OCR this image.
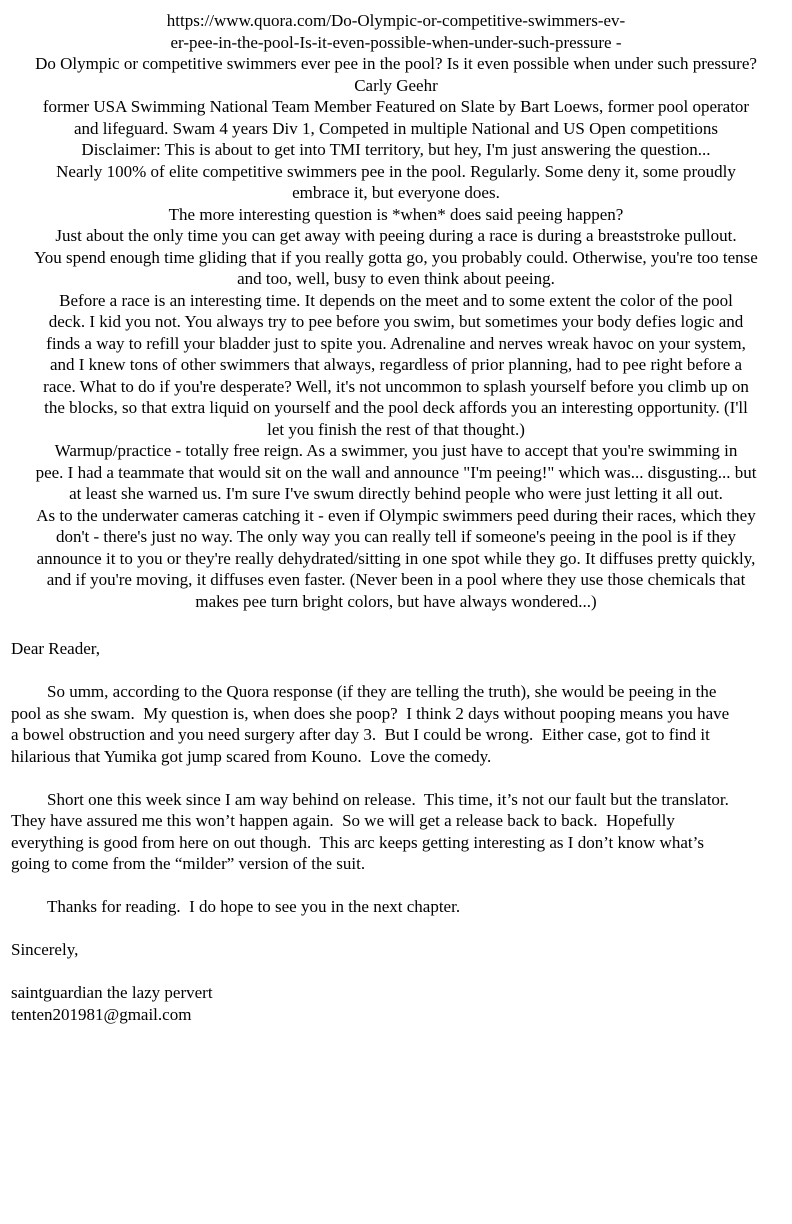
https://www.quora.com/Do-Olympic-or-competitive-swimmers-ev-
er-pee-in-the-pool-Is-it-even-possible-when-under-such-pressure -
Do Olympic or competitive swimmers ever pee in the pool? Is it even possible when under such pressure?
Carly Geehr
former USA Swimming National Team Member Featured on Slate by Bart Loews, former pool operator
and lifeguard. Swam 4 years Div 1, Competed in multiple National and US Open competitions
Disclaimer: This is about to get into TMI territory, but hey, I'm just answering the question...
Nearly 100% of elite competitive swimmers pee in the pool. Regularly. Some deny it, some proudly
embrace it, but everyone does.
The more interesting question is *when* does said peeing happen?
Just about the only time you can get away with peeing during a race is during a breaststroke pullout.
You spend enough time gliding that if you really gotta go, you probably could. Otherwise, you're too tense
and too, well, busy to even think about peeing.
Before a race is an interesting time. It depends on the meet and to some extent the color of the pool
deck. I kid you not. You always try to pee before you swim, but sometimes your body defies logic and
finds a way to refill your bladder just to spite you. Adrenaline and nerves wreak havoc on your system,
and I knew tons of other swimmers that always, regardless of prior planning, had to pee right before a
race. What to do if you're desperate? Well, it's not uncommon to splash yourself before you climb up on
the blocks, so that extra liquid on yourself and the pool deck affords you an interesting opportunity. (I'll
let you finish the rest of that thought.)
Warmup/practice - totally free reign. As a swimmer, you just have to accept that you're swimming in
pee. I had a teammate that would sit on the wall and announce "I'm peeing!" which was... disgusting... but
at least she warned us. I'm sure I've swum directly behind people who were just letting it all out.
As to the underwater cameras catching it - even if Olympic swimmers peed during their races, which they
don't - there's just no way. The only way you can really tell if someone's peeing in the pool is if they
announce it to you or they're really dehydrated/sitting in one spot while they go. It diffuses pretty quickly,
and if you're moving, it diffuses even faster. (Never been in a pool where they use those chemicals that
makes pee turn bright colors, but have always wondered...)
Dear Reader,
So umm, according to the Quora response (if they are telling the truth), she would be peeing in the
pool as she swam.  My question is, when does she poop?  I think 2 days without pooping means you have
a bowel obstruction and you need surgery after day 3.  But I could be wrong.  Either case, got to find it
hilarious that Yumika got jump scared from Kouno.  Love the comedy.
Short one this week since I am way behind on release.  This time, it’s not our fault but the translator.
They have assured me this won’t happen again.  So we will get a release back to back.  Hopefully
everything is good from here on out though.  This arc keeps getting interesting as I don’t know what’s
going to come from the “milder” version of the suit.
Thanks for reading.  I do hope to see you in the next chapter.
Sincerely,
saintguardian the lazy pervert
tenten201981@gmail.com
